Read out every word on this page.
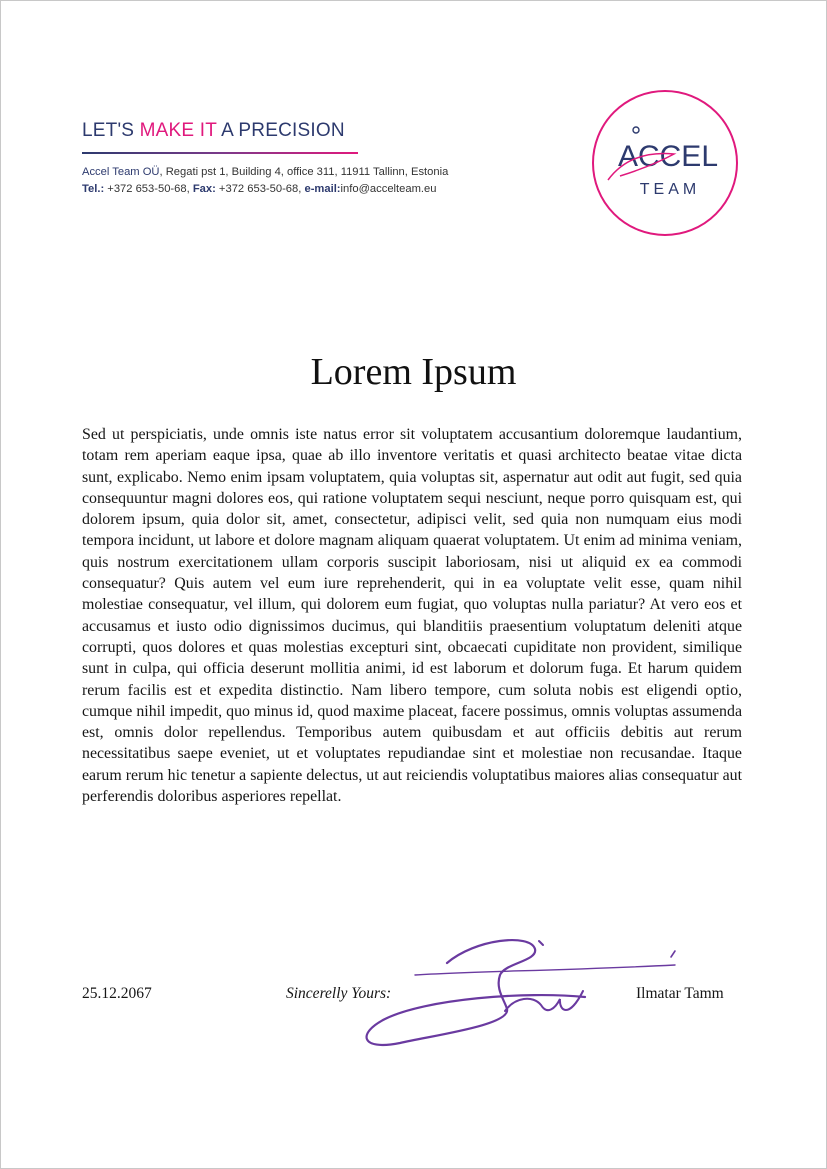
LET'S MAKE IT A PRECISION
Accel Team OÜ, Regati pst 1, Building 4, office 311, 11911 Tallinn, Estonia
Tel.: +372 653-50-68, Fax: +372 653-50-68, e-mail:info@accelteam.eu
ACCEL
TEAM
Lorem Ipsum
Sed ut perspiciatis, unde omnis iste natus error sit voluptatem accusantium doloremque laudantium, totam rem aperiam eaque ipsa, quae ab illo inventore veritatis et quasi architecto beatae vitae dicta sunt, explicabo. Nemo enim ipsam voluptatem, quia voluptas sit, aspernatur aut odit aut fugit, sed quia consequuntur magni dolores eos, qui ratione voluptatem sequi nesciunt, neque porro quisquam est, qui dolorem ipsum, quia dolor sit, amet, consectetur, adipisci velit, sed quia non numquam eius modi tempora incidunt, ut labore et dolore magnam aliquam quaerat voluptatem. Ut enim ad minima veniam, quis nostrum exercitationem ullam corporis suscipit laboriosam, nisi ut aliquid ex ea commodi consequatur? Quis autem vel eum iure reprehenderit, qui in ea voluptate velit esse, quam nihil molestiae consequatur, vel illum, qui dolorem eum fugiat, quo voluptas nulla pariatur? At vero eos et accusamus et iusto odio dignissimos ducimus, qui blanditiis praesentium voluptatum deleniti atque corrupti, quos dolores et quas molestias excepturi sint, obcaecati cupiditate non provident, similique sunt in culpa, qui officia deserunt mollitia animi, id est laborum et dolorum fuga. Et harum quidem rerum facilis est et expedita distinctio. Nam libero tempore, cum soluta nobis est eligendi optio, cumque nihil impedit, quo minus id, quod maxime placeat, facere possimus, omnis voluptas assumenda est, omnis dolor repellendus. Temporibus autem quibusdam et aut officiis debitis aut rerum necessitatibus saepe eveniet, ut et voluptates repudiandae sint et molestiae non recusandae. Itaque earum rerum hic tenetur a sapiente delectus, ut aut reiciendis voluptatibus maiores alias consequatur aut perferendis doloribus asperiores repellat.
25.12.2067	Sincerelly Yours:	Ilmatar Tamm
